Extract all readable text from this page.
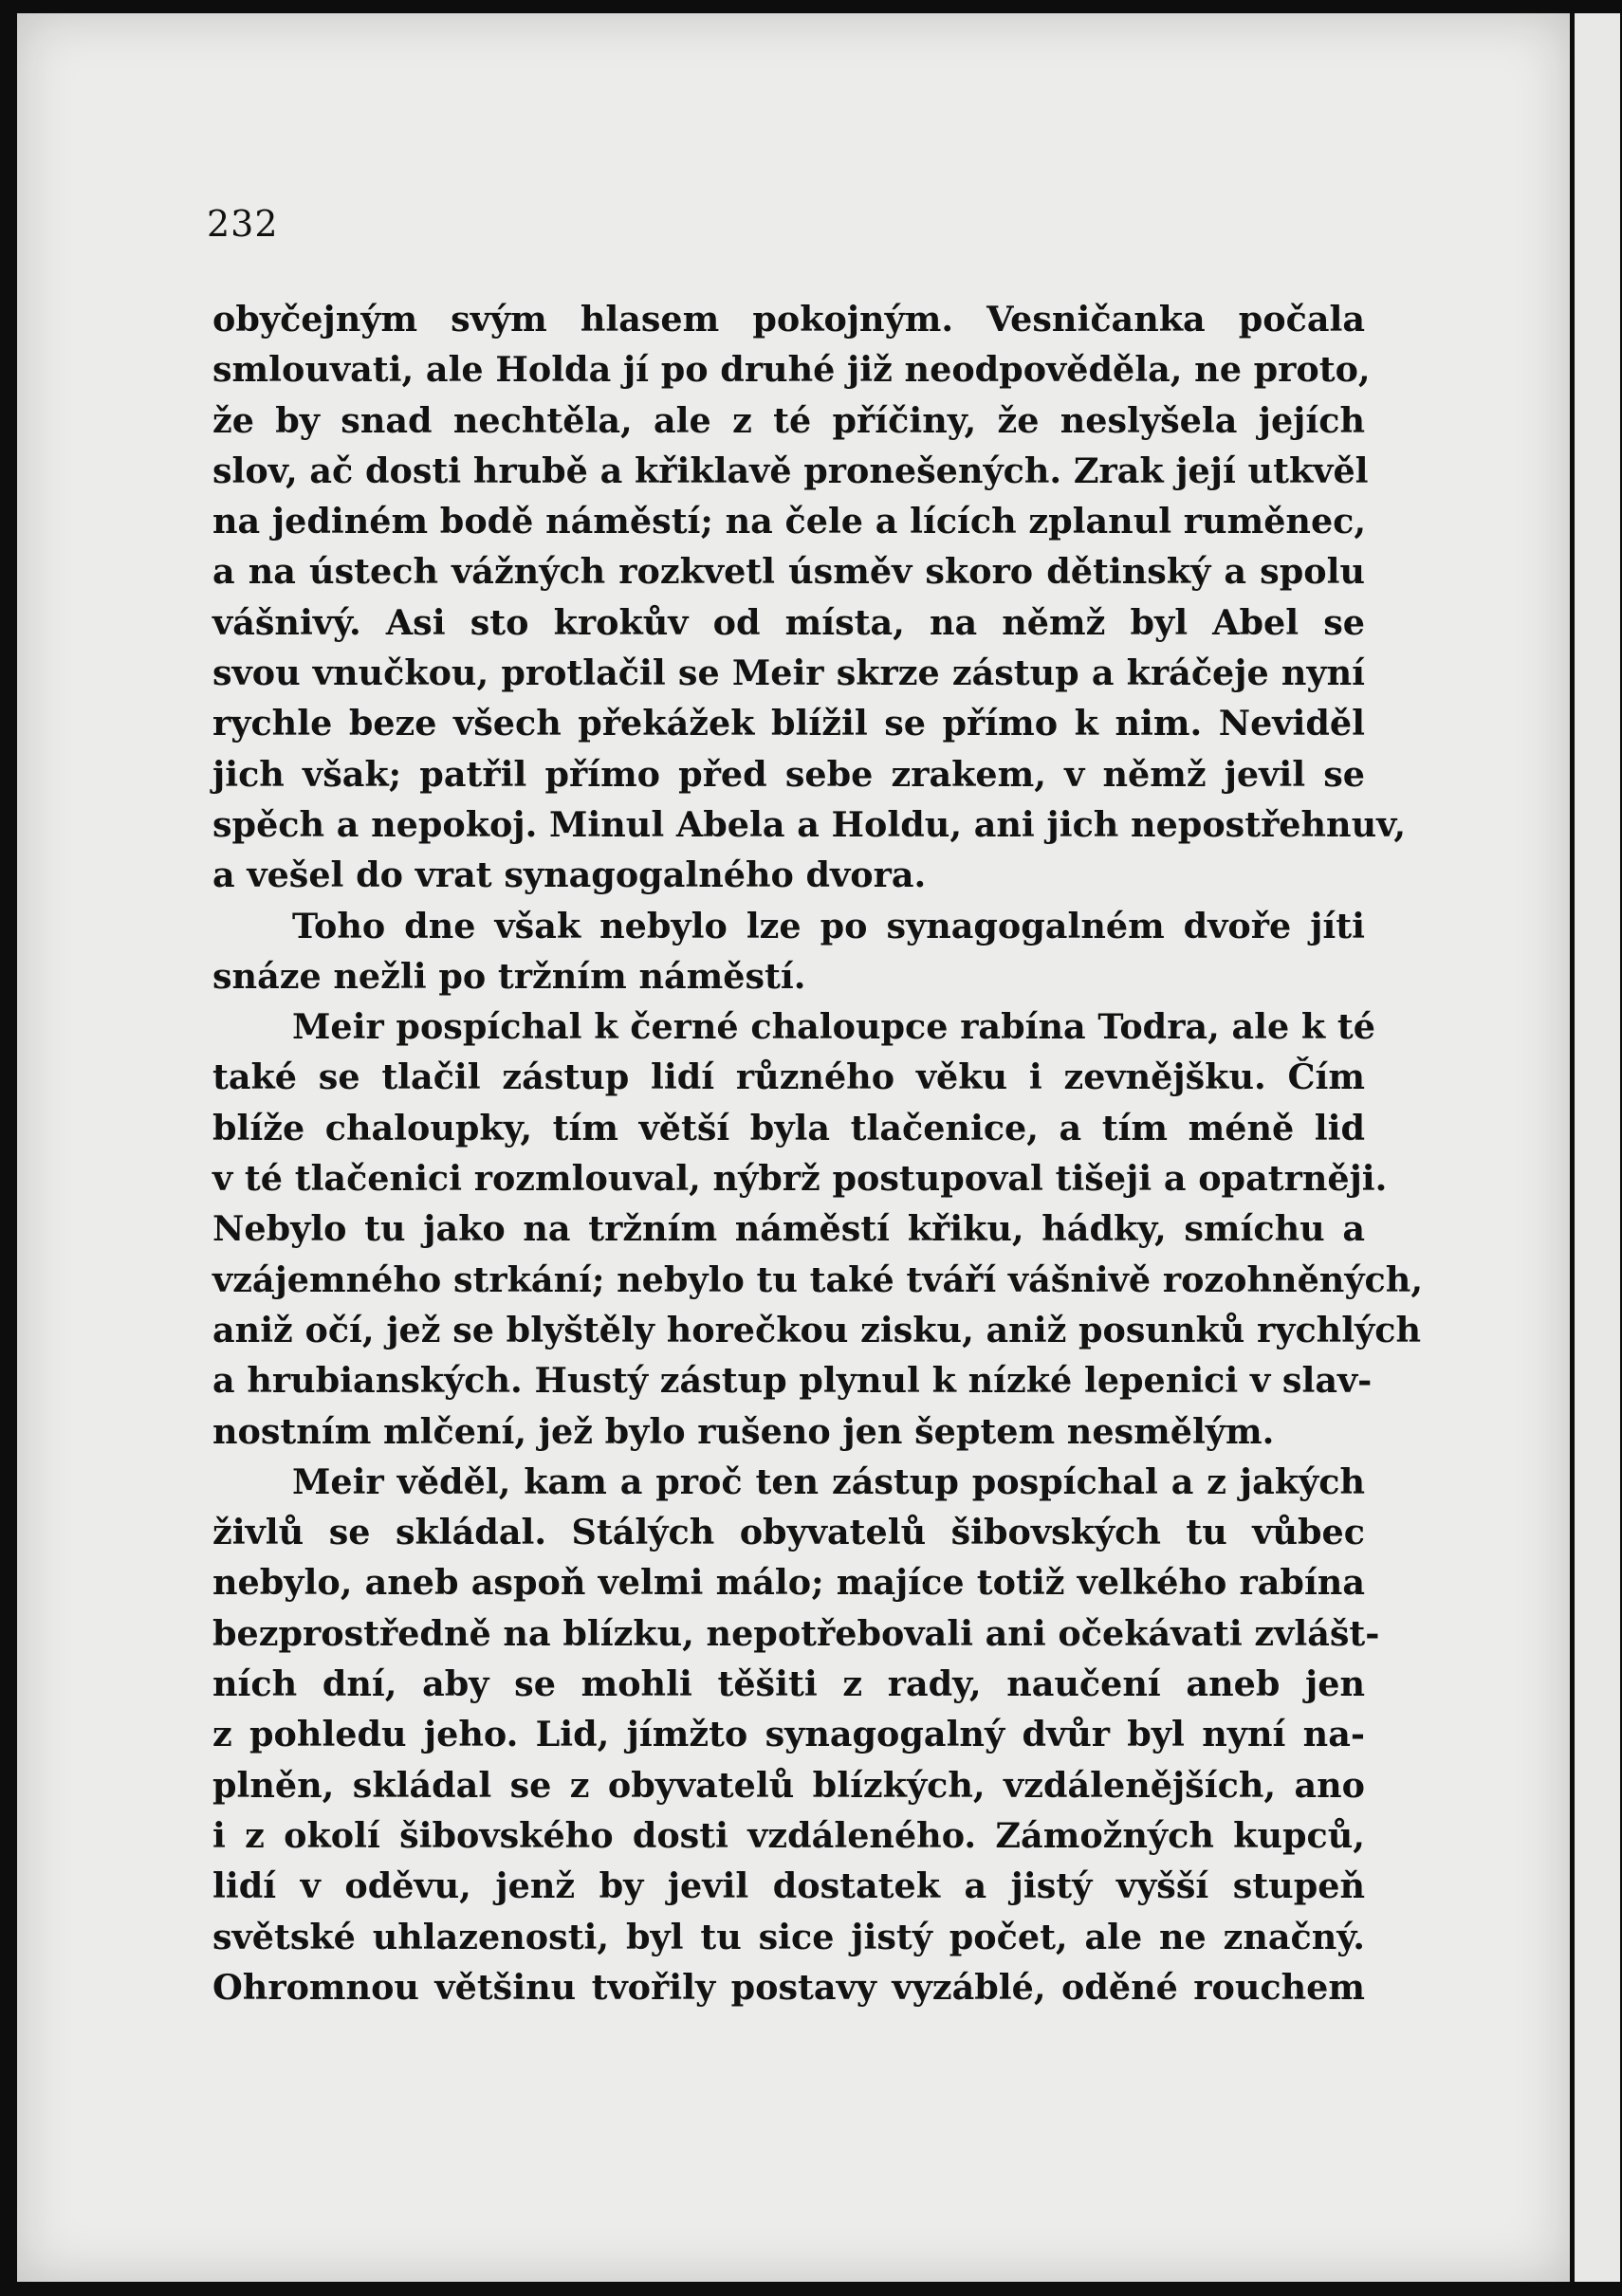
232
obyčejným svým hlasem pokojným. Vesničanka počala
smlouvati, ale Holda jí po druhé již neodpověděla, ne proto,
že by snad nechtěla, ale z té příčiny, že neslyšela jejích
slov, ač dosti hrubě a křiklavě pronešených. Zrak její utkvěl
na jediném bodě náměstí; na čele a lících zplanul ruměnec,
a na ústech vážných rozkvetl úsměv skoro dětinský a spolu
vášnivý. Asi sto krokův od místa, na němž byl Abel se
svou vnučkou, protlačil se Meir skrze zástup a kráčeje nyní
rychle beze všech překážek blížil se přímo k nim. Neviděl
jich však; patřil přímo před sebe zrakem, v němž jevil se
spěch a nepokoj. Minul Abela a Holdu, ani jich nepostřehnuv,
a vešel do vrat synagogalného dvora.
Toho dne však nebylo lze po synagogalném dvoře jíti
snáze nežli po tržním náměstí.
Meir pospíchal k černé chaloupce rabína Todra, ale k té
také se tlačil zástup lidí různého věku i zevnějšku. Čím
blíže chaloupky, tím větší byla tlačenice, a tím méně lid
v té tlačenici rozmlouval, nýbrž postupoval tišeji a opatrněji.
Nebylo tu jako na tržním náměstí křiku, hádky, smíchu a
vzájemného strkání; nebylo tu také tváří vášnivě rozohněných,
aniž očí, jež se blyštěly horečkou zisku, aniž posunků rychlých
a hrubianských. Hustý zástup plynul k nízké lepenici v slav-
nostním mlčení, jež bylo rušeno jen šeptem nesmělým.
Meir věděl, kam a proč ten zástup pospíchal a z jakých
živlů se skládal. Stálých obyvatelů šibovských tu vůbec
nebylo, aneb aspoň velmi málo; majíce totiž velkého rabína
bezprostředně na blízku, nepotřebovali ani očekávati zvlášt-
ních dní, aby se mohli těšiti z rady, naučení aneb jen
z pohledu jeho. Lid, jímžto synagogalný dvůr byl nyní na-
plněn, skládal se z obyvatelů blízkých, vzdálenějších, ano
i z okolí šibovského dosti vzdáleného. Zámožných kupců,
lidí v oděvu, jenž by jevil dostatek a jistý vyšší stupeň
světské uhlazenosti, byl tu sice jistý počet, ale ne značný.
Ohromnou většinu tvořily postavy vyzáblé, oděné rouchem
